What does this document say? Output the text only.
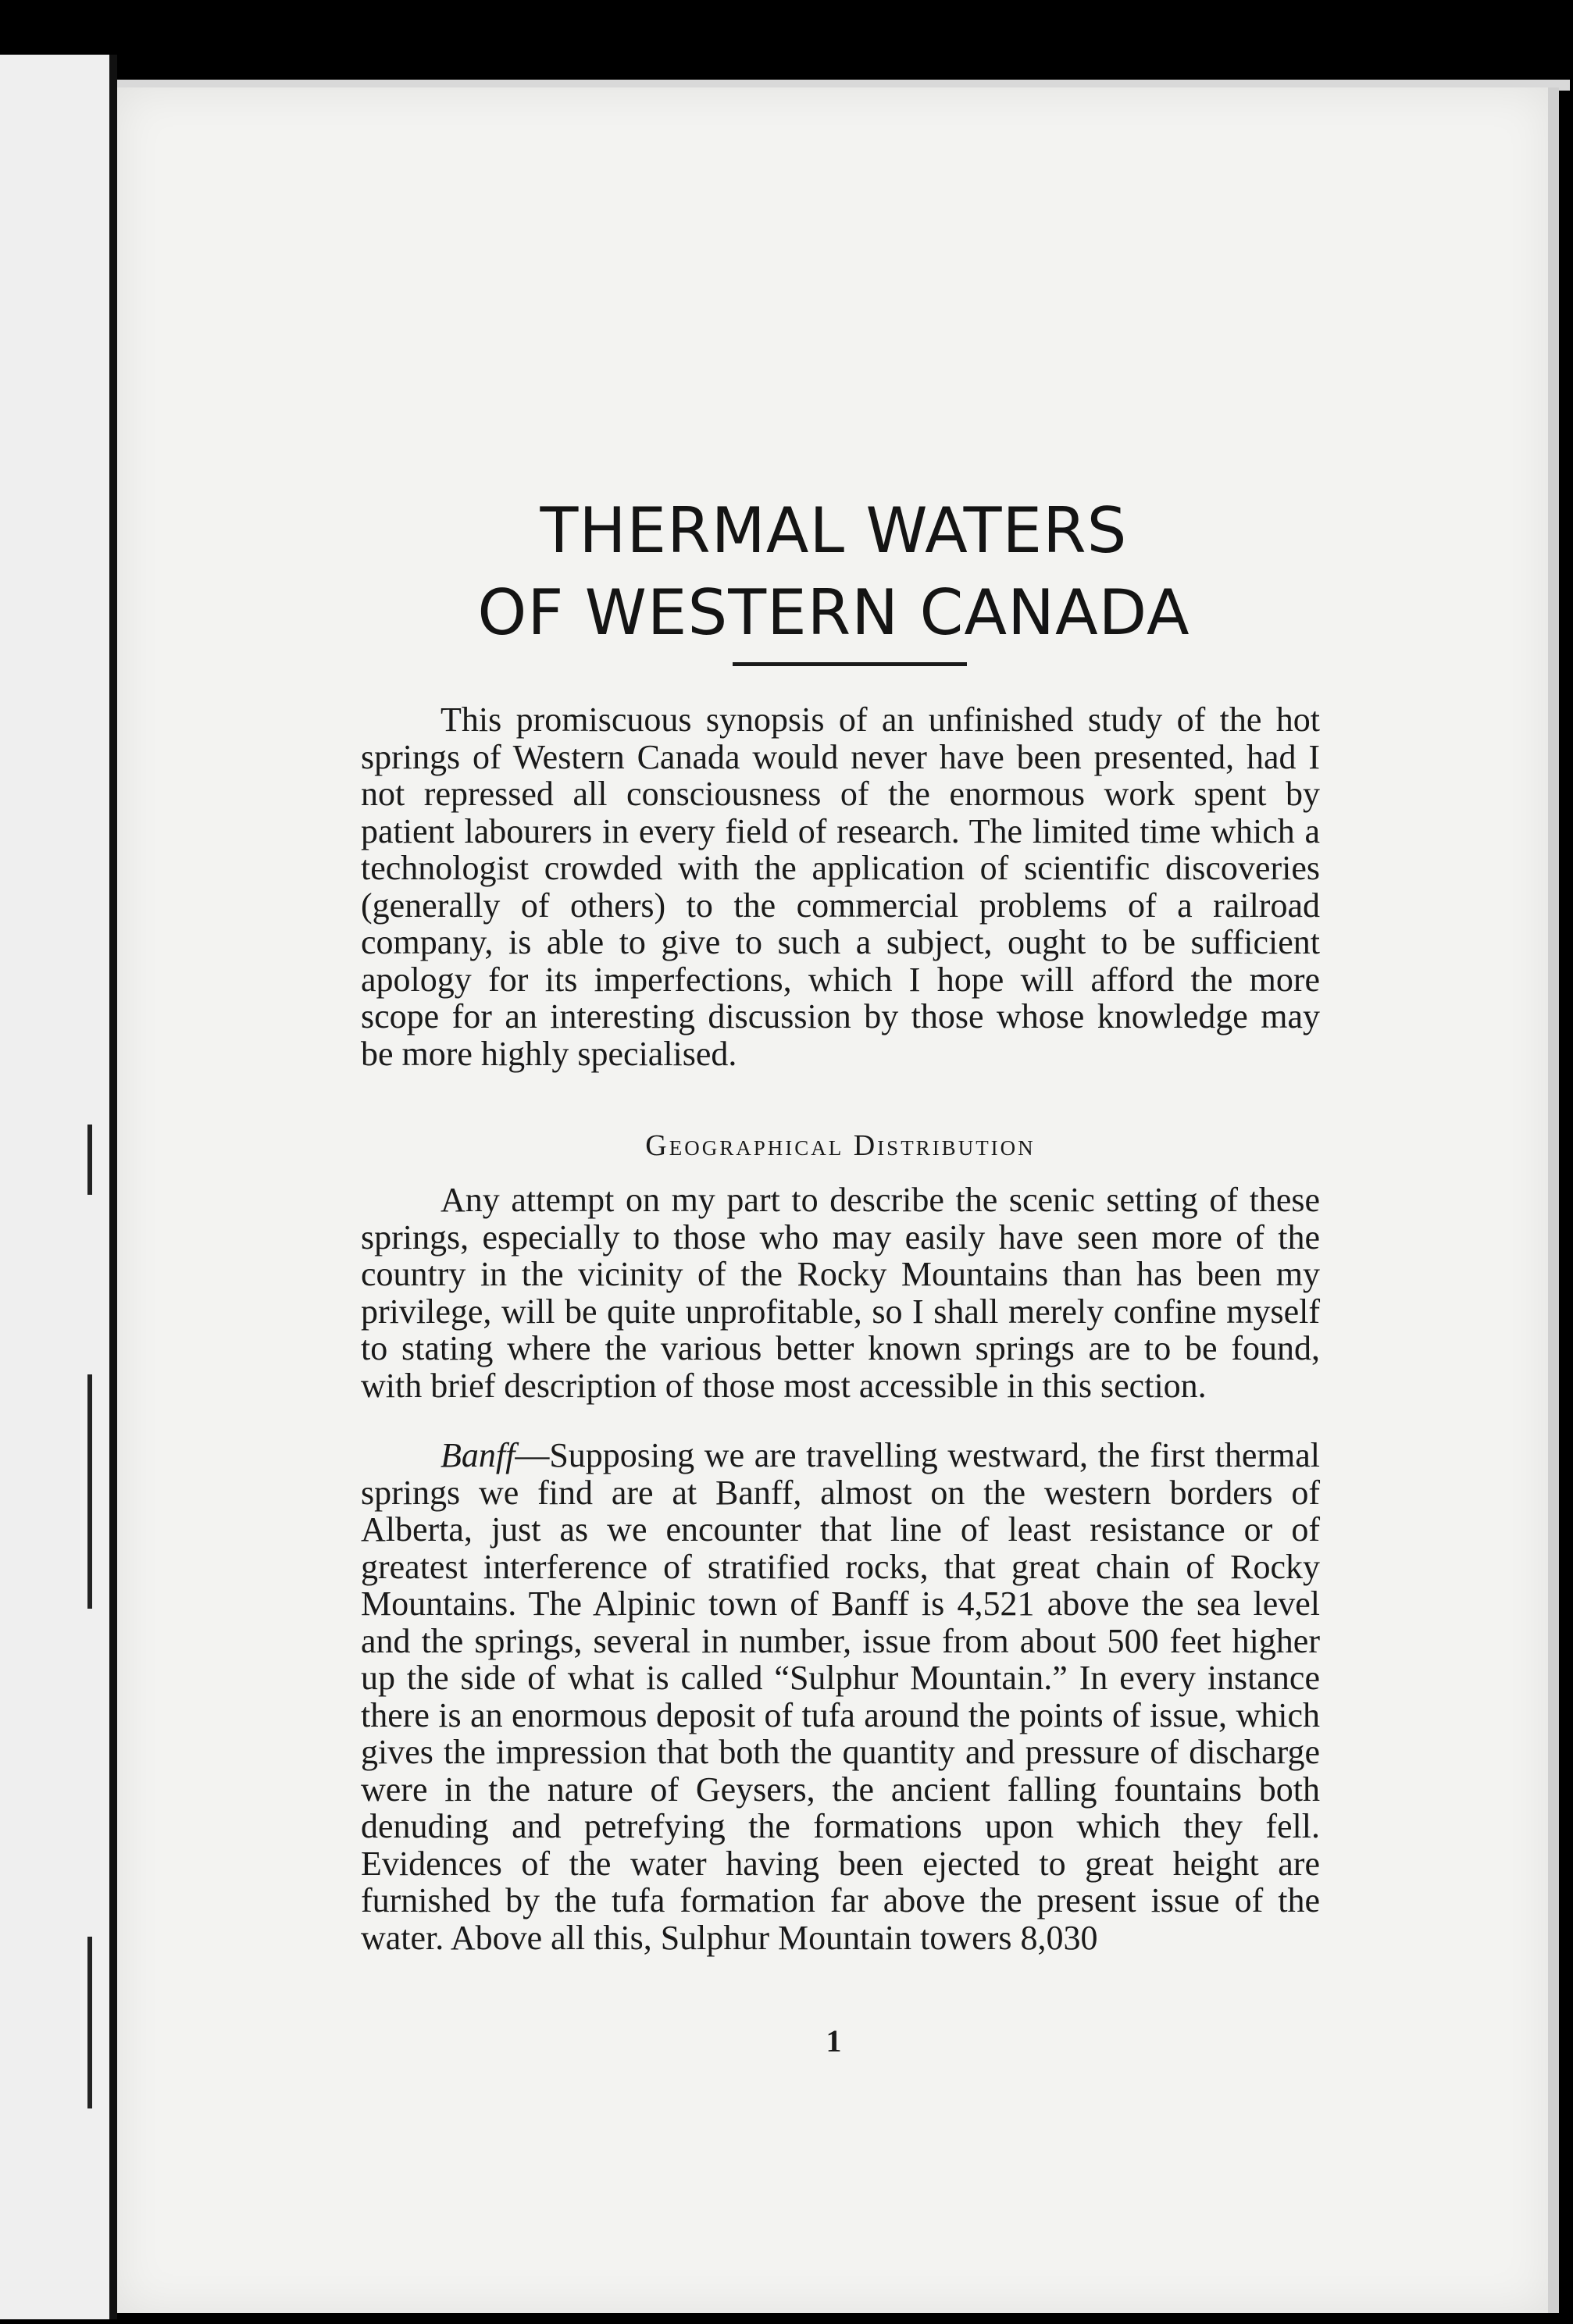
THERMAL WATERS
OF WESTERN CANADA

This promiscuous synopsis of an unfinished study of the hot springs of Western Canada would never have been presented, had I not repressed all consciousness of the enormous work spent by patient labourers in every field of research. The limited time which a technologist crowded with the application of scientific discoveries (generally of others) to the commercial problems of a railroad company, is able to give to such a subject, ought to be sufficient apology for its imperfections, which I hope will afford the more scope for an interesting discussion by those whose knowledge may be more highly specialised.

Geographical Distribution

Any attempt on my part to describe the scenic setting of these springs, especially to those who may easily have seen more of the country in the vicinity of the Rocky Mountains than has been my privilege, will be quite unprofitable, so I shall merely confine myself to stating where the various better known springs are to be found, with brief description of those most accessible in this section.

Banff—Supposing we are travelling westward, the first thermal springs we find are at Banff, almost on the western borders of Alberta, just as we encounter that line of least resistance or of greatest interference of stratified rocks, that great chain of Rocky Mountains. The Alpinic town of Banff is 4,521 above the sea level and the springs, several in number, issue from about 500 feet higher up the side of what is called “Sulphur Mountain.” In every instance there is an enormous deposit of tufa around the points of issue, which gives the impression that both the quantity and pressure of discharge were in the nature of Geysers, the ancient falling fountains both denuding and petrefying the formations upon which they fell. Evidences of the water having been ejected to great height are furnished by the tufa formation far above the present issue of the water. Above all this, Sulphur Mountain towers 8,030

1
